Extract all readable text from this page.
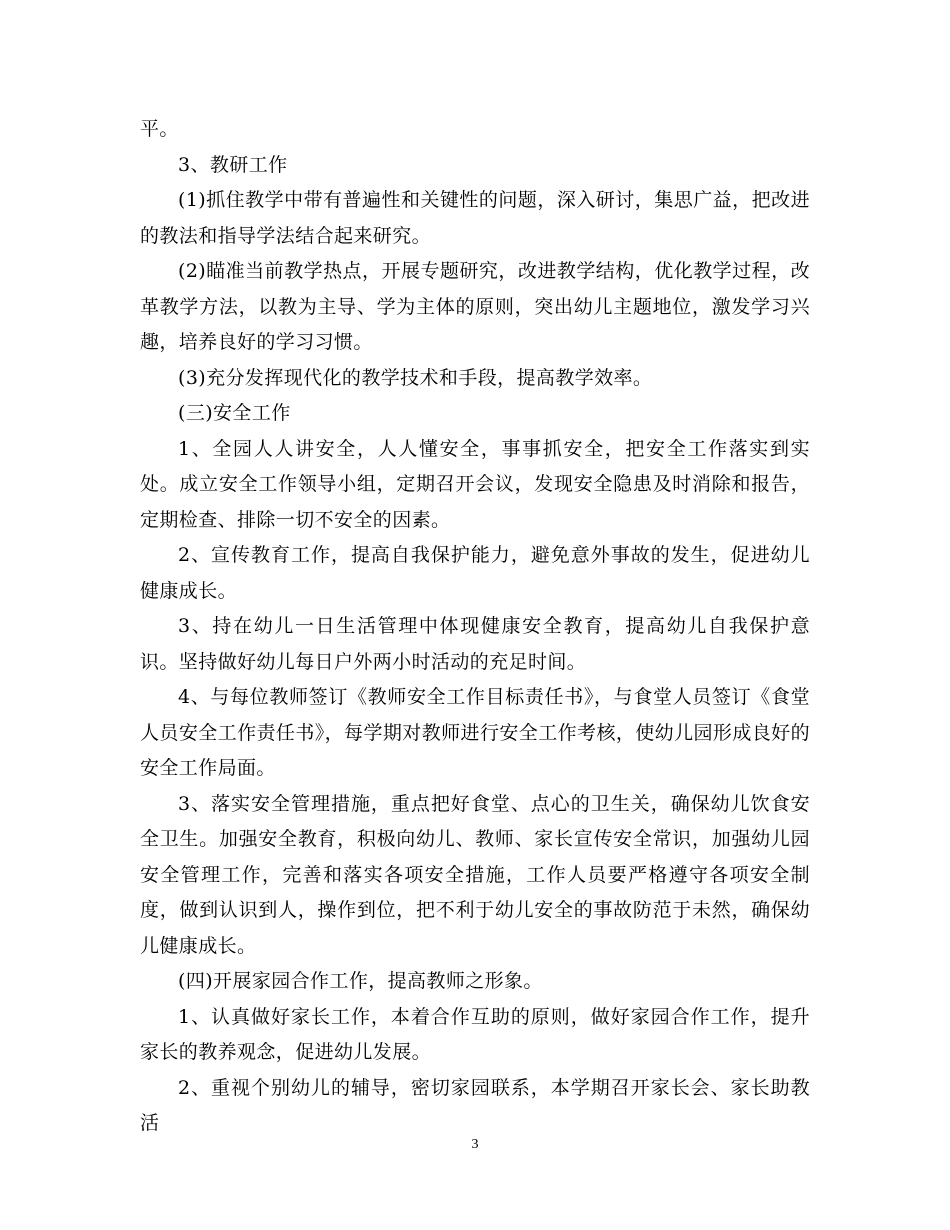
平。

3、教研工作

(1)抓住教学中带有普遍性和关键性的问题，深入研讨，集思广益，把改进的教法和指导学法结合起来研究。

(2)瞄准当前教学热点，开展专题研究，改进教学结构，优化教学过程，改革教学方法，以教为主导、学为主体的原则，突出幼儿主题地位，激发学习兴趣，培养良好的学习习惯。

(3)充分发挥现代化的教学技术和手段，提高教学效率。

(三)安全工作

1、全园人人讲安全，人人懂安全，事事抓安全，把安全工作落实到实处。成立安全工作领导小组，定期召开会议，发现安全隐患及时消除和报告，定期检查、排除一切不安全的因素。

2、宣传教育工作，提高自我保护能力，避免意外事故的发生，促进幼儿健康成长。

3、持在幼儿一日生活管理中体现健康安全教育，提高幼儿自我保护意识。坚持做好幼儿每日户外两小时活动的充足时间。

4、与每位教师签订《教师安全工作目标责任书》，与食堂人员签订《食堂人员安全工作责任书》，每学期对教师进行安全工作考核，使幼儿园形成良好的安全工作局面。

3、落实安全管理措施，重点把好食堂、点心的卫生关，确保幼儿饮食安全卫生。加强安全教育，积极向幼儿、教师、家长宣传安全常识，加强幼儿园安全管理工作，完善和落实各项安全措施，工作人员要严格遵守各项安全制度，做到认识到人，操作到位，把不利于幼儿安全的事故防范于未然，确保幼儿健康成长。

(四)开展家园合作工作，提高教师之形象。

1、认真做好家长工作，本着合作互助的原则，做好家园合作工作，提升家长的教养观念，促进幼儿发展。

2、重视个别幼儿的辅导，密切家园联系，本学期召开家长会、家长助教活

3
